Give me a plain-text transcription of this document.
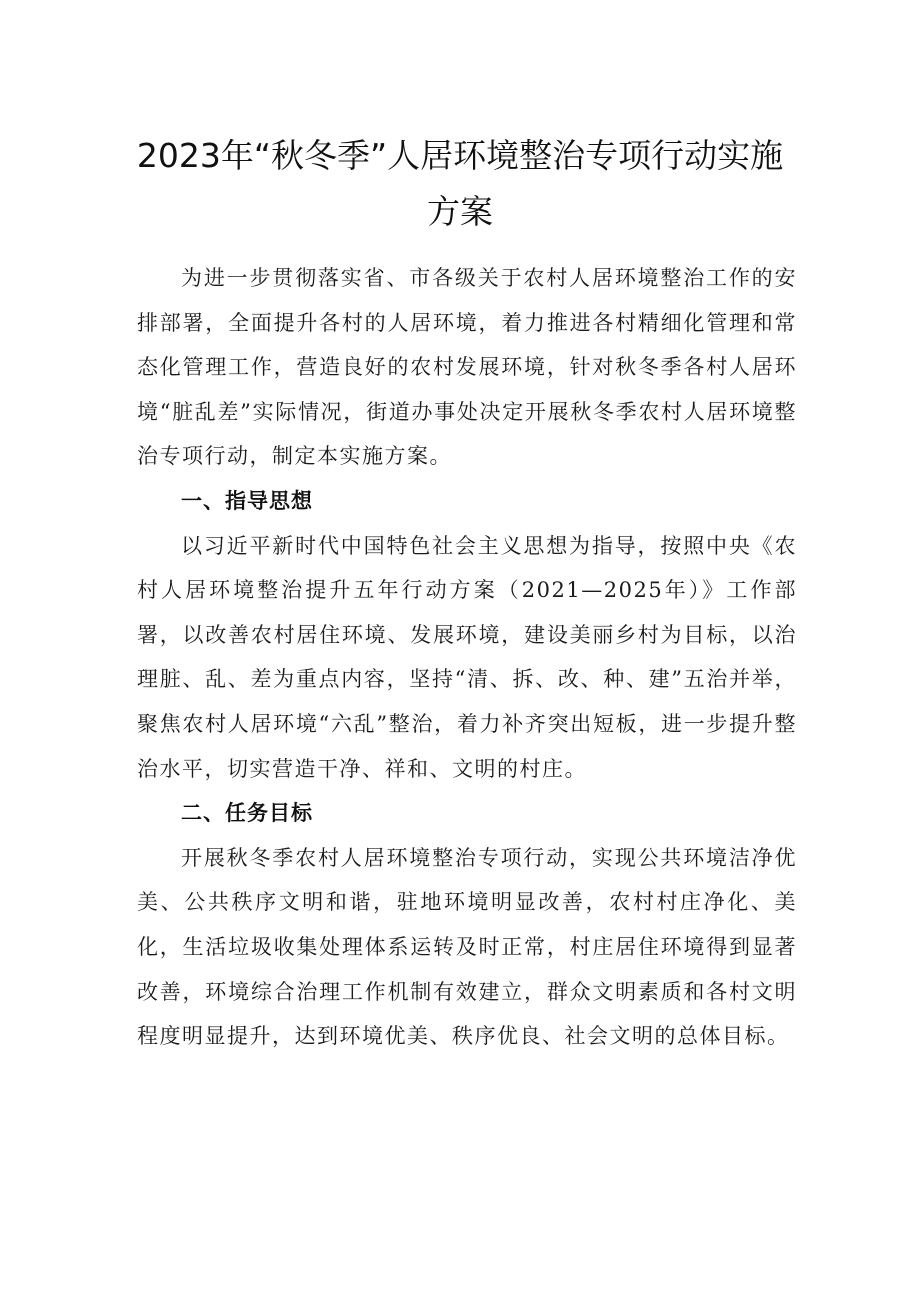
2023年“秋冬季”人居环境整治专项行动实施
方案

为进一步贯彻落实省、市各级关于农村人居环境整治工作的安排部署，全面提升各村的人居环境，着力推进各村精细化管理和常态化管理工作，营造良好的农村发展环境，针对秋冬季各村人居环境“脏乱差”实际情况，街道办事处决定开展秋冬季农村人居环境整治专项行动，制定本实施方案。

一、指导思想

以习近平新时代中国特色社会主义思想为指导，按照中央《农村人居环境整治提升五年行动方案（2021—2025年）》工作部署，以改善农村居住环境、发展环境，建设美丽乡村为目标，以治理脏、乱、差为重点内容，坚持“清、拆、改、种、建”五治并举，聚焦农村人居环境“六乱”整治，着力补齐突出短板，进一步提升整治水平，切实营造干净、祥和、文明的村庄。

二、任务目标

开展秋冬季农村人居环境整治专项行动，实现公共环境洁净优美、公共秩序文明和谐，驻地环境明显改善，农村村庄净化、美化，生活垃圾收集处理体系运转及时正常，村庄居住环境得到显著改善，环境综合治理工作机制有效建立，群众文明素质和各村文明程度明显提升，达到环境优美、秩序优良、社会文明的总体目标。
